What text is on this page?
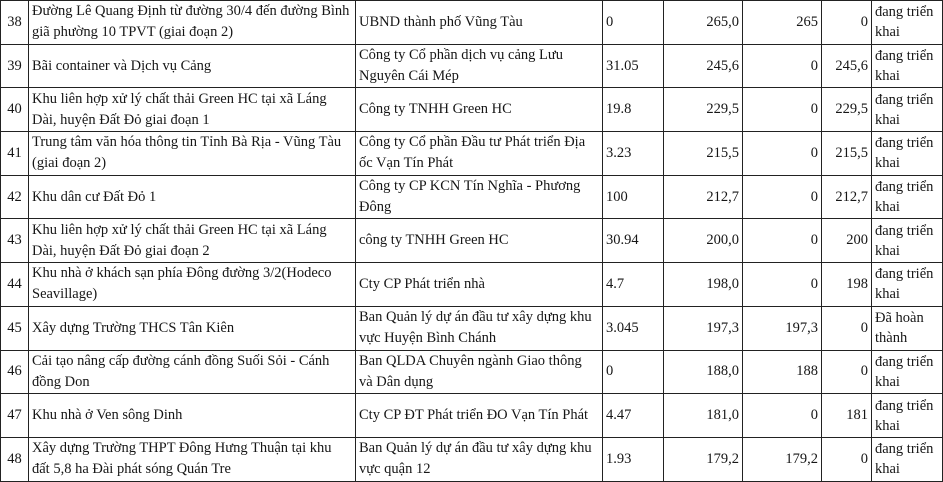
38	Đường Lê Quang Định từ đường 30/4 đến đường Bình giã phường 10 TPVT (giai đoạn 2)	UBND thành phố Vũng Tàu	0	265,0	265	0	đang triển khai
39	Bãi container và Dịch vụ Cảng	Công ty Cổ phần dịch vụ cảng Lưu Nguyên Cái Mép	31.05	245,6	0	245,6	đang triển khai
40	Khu liên hợp xử lý chất thải Green HC tại xã Láng Dài, huyện Đất Đỏ giai đoạn 1	Công ty TNHH Green HC	19.8	229,5	0	229,5	đang triển khai
41	Trung tâm văn hóa thông tin Tỉnh Bà Rịa - Vũng Tàu (giai đoạn 2)	Công ty Cổ phần Đầu tư Phát triển Địa ốc Vạn Tín Phát	3.23	215,5	0	215,5	đang triển khai
42	Khu dân cư Đất Đỏ 1	Công ty CP KCN Tín Nghĩa - Phương Đông	100	212,7	0	212,7	đang triển khai
43	Khu liên hợp xử lý chất thải Green HC tại xã Láng Dài, huyện Đất Đỏ giai đoạn 2	công ty TNHH Green HC	30.94	200,0	0	200	đang triển khai
44	Khu nhà ở khách sạn phía Đông đường 3/2(Hodeco Seavillage)	Cty CP Phát triển nhà	4.7	198,0	0	198	đang triển khai
45	Xây dựng Trường THCS Tân Kiên	Ban Quản lý dự án đầu tư xây dựng khu vực Huyện Bình Chánh	3.045	197,3	197,3	0	Đã hoàn thành
46	Cải tạo nâng cấp đường cánh đồng Suối Sỏi - Cánh đồng Don	Ban QLDA Chuyên ngành Giao thông và Dân dụng	0	188,0	188	0	đang triển khai
47	Khu nhà ở Ven sông Dinh	Cty CP ĐT Phát triển ĐO Vạn Tín Phát	4.47	181,0	0	181	đang triển khai
48	Xây dựng Trường THPT Đông Hưng Thuận tại khu đất 5,8 ha Đài phát sóng Quán Tre	Ban Quản lý dự án đầu tư xây dựng khu vực quận 12	1.93	179,2	179,2	0	đang triển khai
